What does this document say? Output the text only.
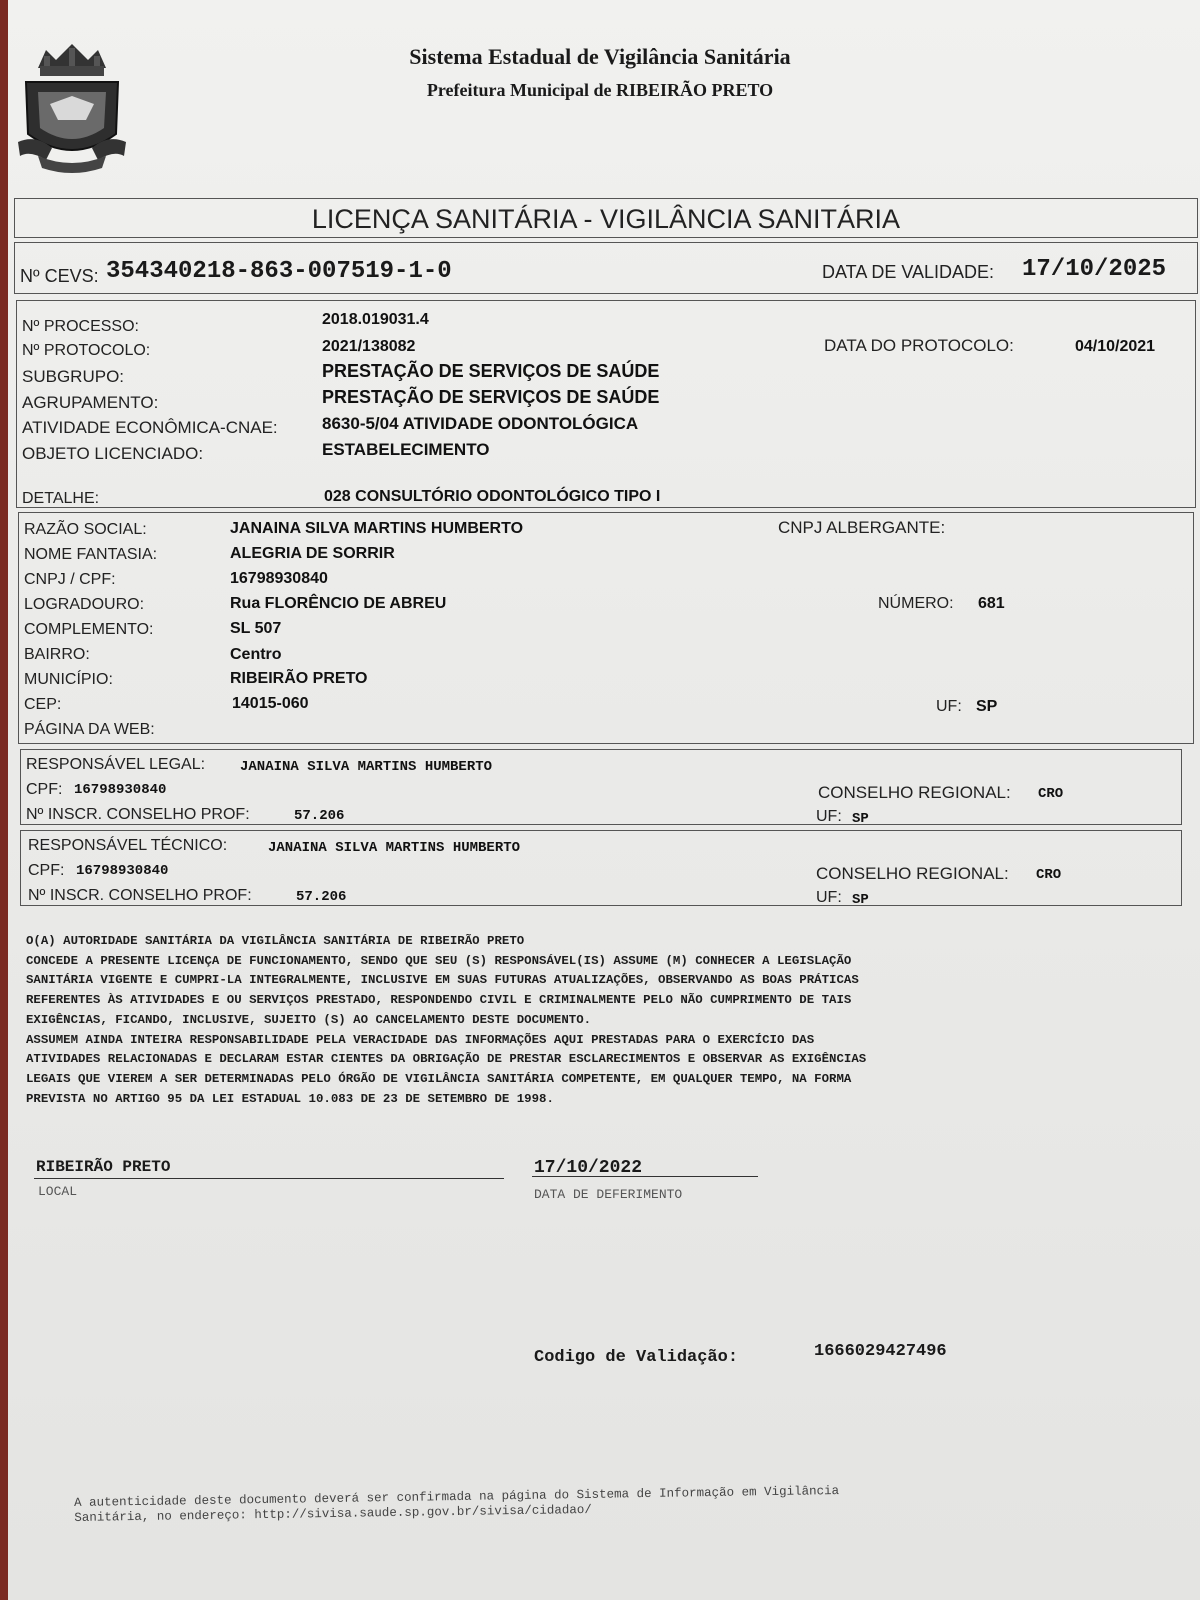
Sistema Estadual de Vigilância Sanitária
Prefeitura Municipal de RIBEIRÃO PRETO
LICENÇA SANITÁRIA - VIGILÂNCIA SANITÁRIA
Nº CEVS: 354340218-863-007519-1-0	DATA DE VALIDADE: 17/10/2025
Nº PROCESSO:	2018.019031.4
Nº PROTOCOLO:	2021/138082	DATA DO PROTOCOLO:	04/10/2021
SUBGRUPO:	PRESTAÇÃO DE SERVIÇOS DE SAÚDE
AGRUPAMENTO:	PRESTAÇÃO DE SERVIÇOS DE SAÚDE
ATIVIDADE ECONÔMICA-CNAE:	8630-5/04 ATIVIDADE ODONTOLÓGICA
OBJETO LICENCIADO:	ESTABELECIMENTO
DETALHE:	028 CONSULTÓRIO ODONTOLÓGICO TIPO I
RAZÃO SOCIAL:	JANAINA SILVA MARTINS HUMBERTO	CNPJ ALBERGANTE:
NOME FANTASIA:	ALEGRIA DE SORRIR
CNPJ / CPF:	16798930840
LOGRADOURO:	Rua FLORÊNCIO DE ABREU	NÚMERO: 681
COMPLEMENTO:	SL 507
BAIRRO:	Centro
MUNICÍPIO:	RIBEIRÃO PRETO
CEP:	14015-060	UF: SP
PÁGINA DA WEB:
RESPONSÁVEL LEGAL: JANAINA SILVA MARTINS HUMBERTO
CPF: 16798930840	CONSELHO REGIONAL: CRO
Nº INSCR. CONSELHO PROF:	57.206	UF: SP
RESPONSÁVEL TÉCNICO:	JANAINA SILVA MARTINS HUMBERTO
CPF: 16798930840	CONSELHO REGIONAL: CRO
Nº INSCR. CONSELHO PROF:	57.206	UF: SP
O(A) AUTORIDADE SANITÁRIA DA VIGILÂNCIA SANITÁRIA DE RIBEIRÃO PRETO
CONCEDE A PRESENTE LICENÇA DE FUNCIONAMENTO, SENDO QUE SEU (S) RESPONSÁVEL(IS) ASSUME (M) CONHECER A LEGISLAÇÃO
SANITÁRIA VIGENTE E CUMPRI-LA INTEGRALMENTE, INCLUSIVE EM SUAS FUTURAS ATUALIZAÇÕES, OBSERVANDO AS BOAS PRÁTICAS
REFERENTES ÀS ATIVIDADES E OU SERVIÇOS PRESTADO, RESPONDENDO CIVIL E CRIMINALMENTE PELO NÃO CUMPRIMENTO DE TAIS
EXIGÊNCIAS, FICANDO, INCLUSIVE, SUJEITO (S) AO CANCELAMENTO DESTE DOCUMENTO.
ASSUMEM AINDA INTEIRA RESPONSABILIDADE PELA VERACIDADE DAS INFORMAÇÕES AQUI PRESTADAS PARA O EXERCÍCIO DAS
ATIVIDADES RELACIONADAS E DECLARAM ESTAR CIENTES DA OBRIGAÇÃO DE PRESTAR ESCLARECIMENTOS E OBSERVAR AS EXIGÊNCIAS
LEGAIS QUE VIEREM A SER DETERMINADAS PELO ÓRGÃO DE VIGILÂNCIA SANITÁRIA COMPETENTE, EM QUALQUER TEMPO, NA FORMA
PREVISTA NO ARTIGO 95 DA LEI ESTADUAL 10.083 DE 23 DE SETEMBRO DE 1998.
RIBEIRÃO PRETO
LOCAL
17/10/2022
DATA DE DEFERIMENTO
Codigo de Validação:	1666029427496
A autenticidade deste documento deverá ser confirmada na página do Sistema de Informação em Vigilância
Sanitária, no endereço: http://sivisa.saude.sp.gov.br/sivisa/cidadao/
